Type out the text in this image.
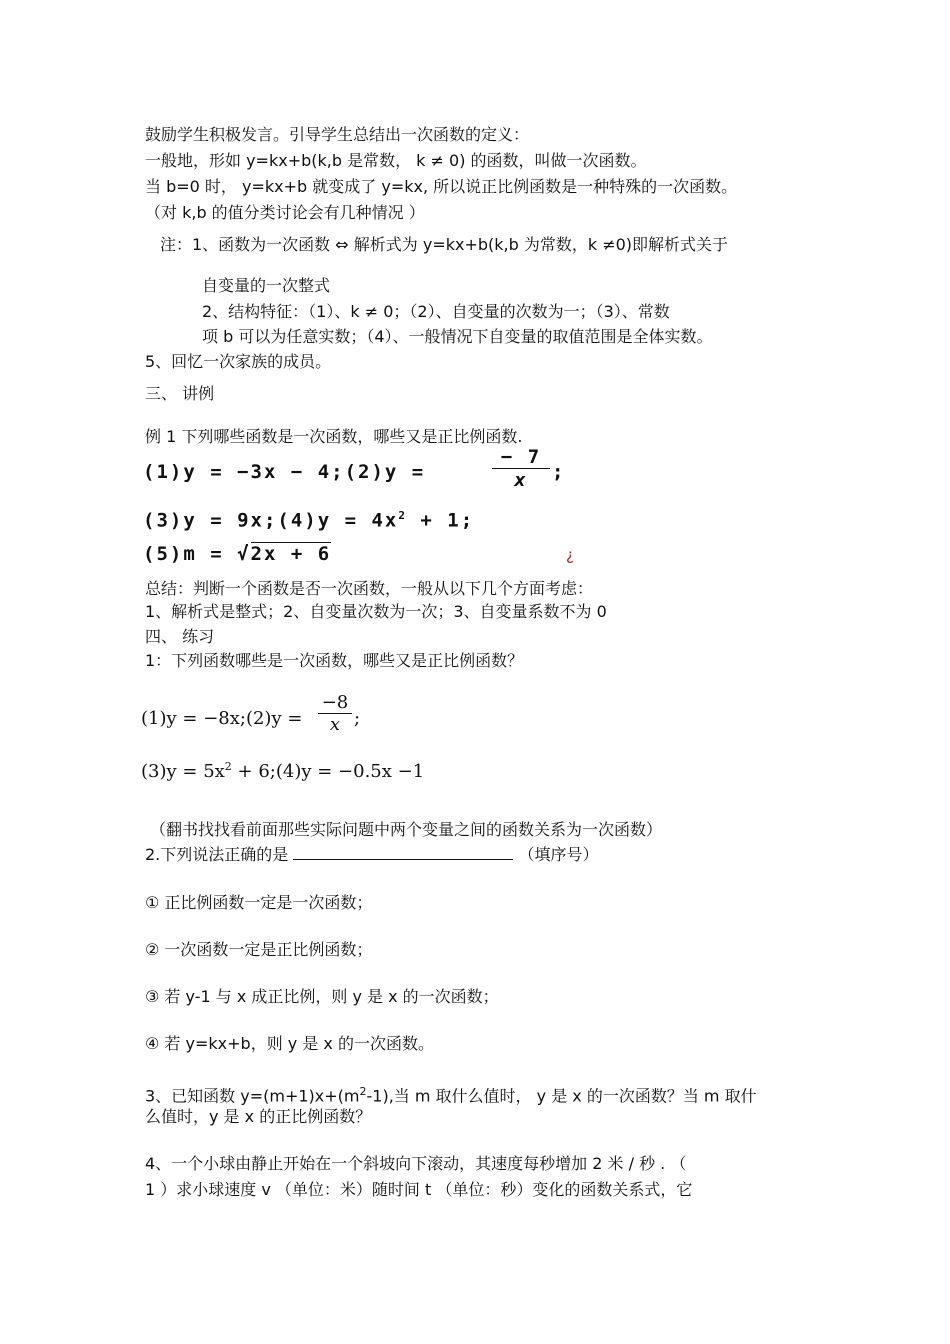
鼓励学生积极发言。引导学生总结出一次函数的定义：
一般地，形如 y=kx+b(k,b 是常数， k ≠ 0) 的函数，叫做一次函数。
当 b=0 时， y=kx+b 就变成了 y=kx, 所以说正比例函数是一种特殊的一次函数。
（对 k,b 的值分类讨论会有几种情况 ）
注：1、函数为一次函数 ⇔ 解析式为 y=kx+b(k,b 为常数，k ≠0)即解析式关于
自变量的一次整式
2、结构特征：（1）、k ≠ 0；（2）、自变量的次数为一；（3）、常数
项 b 可以为任意实数；（4）、一般情况下自变量的取值范围是全体实数。
5、回忆一次家族的成员。
三、 讲例
例 1 下列哪些函数是一次函数，哪些又是正比例函数.
(1)y = −3x − 4;(2)y =
− 7
x	;
(3)y = 9x;(4)y = $4x^2 + 1$;
(5)m = √2x + 6	¿
总结：判断一个函数是否一次函数，一般从以下几个方面考虑：
1、解析式是整式；2、自变量次数为一次；3、自变量系数不为 0
四、 练习
1：下列函数哪些是一次函数，哪些又是正比例函数？
(1)y = −8x;(2)y =
−8
x ;
$(3)y = 5x^2$ + 6;(4)y = −0.5x −1
（翻书找找看前面那些实际问题中两个变量之间的函数关系为一次函数）
2.下列说法正确的是	（填序号）
① 正比例函数一定是一次函数；
② 一次函数一定是正比例函数；
③ 若 y-1 与 x 成正比例，则 y 是 x 的一次函数；
④ 若 y=kx+b，则 y 是 x 的一次函数。
3、已知函数 $y=(m+1)x+(m^2-1)$,当 m 取什么值时， y 是 x 的一次函数？当 m 取什
么值时，y 是 x 的正比例函数？
4、一个小球由静止开始在一个斜坡向下滚动，其速度每秒增加 2 米 / 秒 . （
1 ）求小球速度 v （单位：米）随时间 t （单位：秒）变化的函数关系式，它
